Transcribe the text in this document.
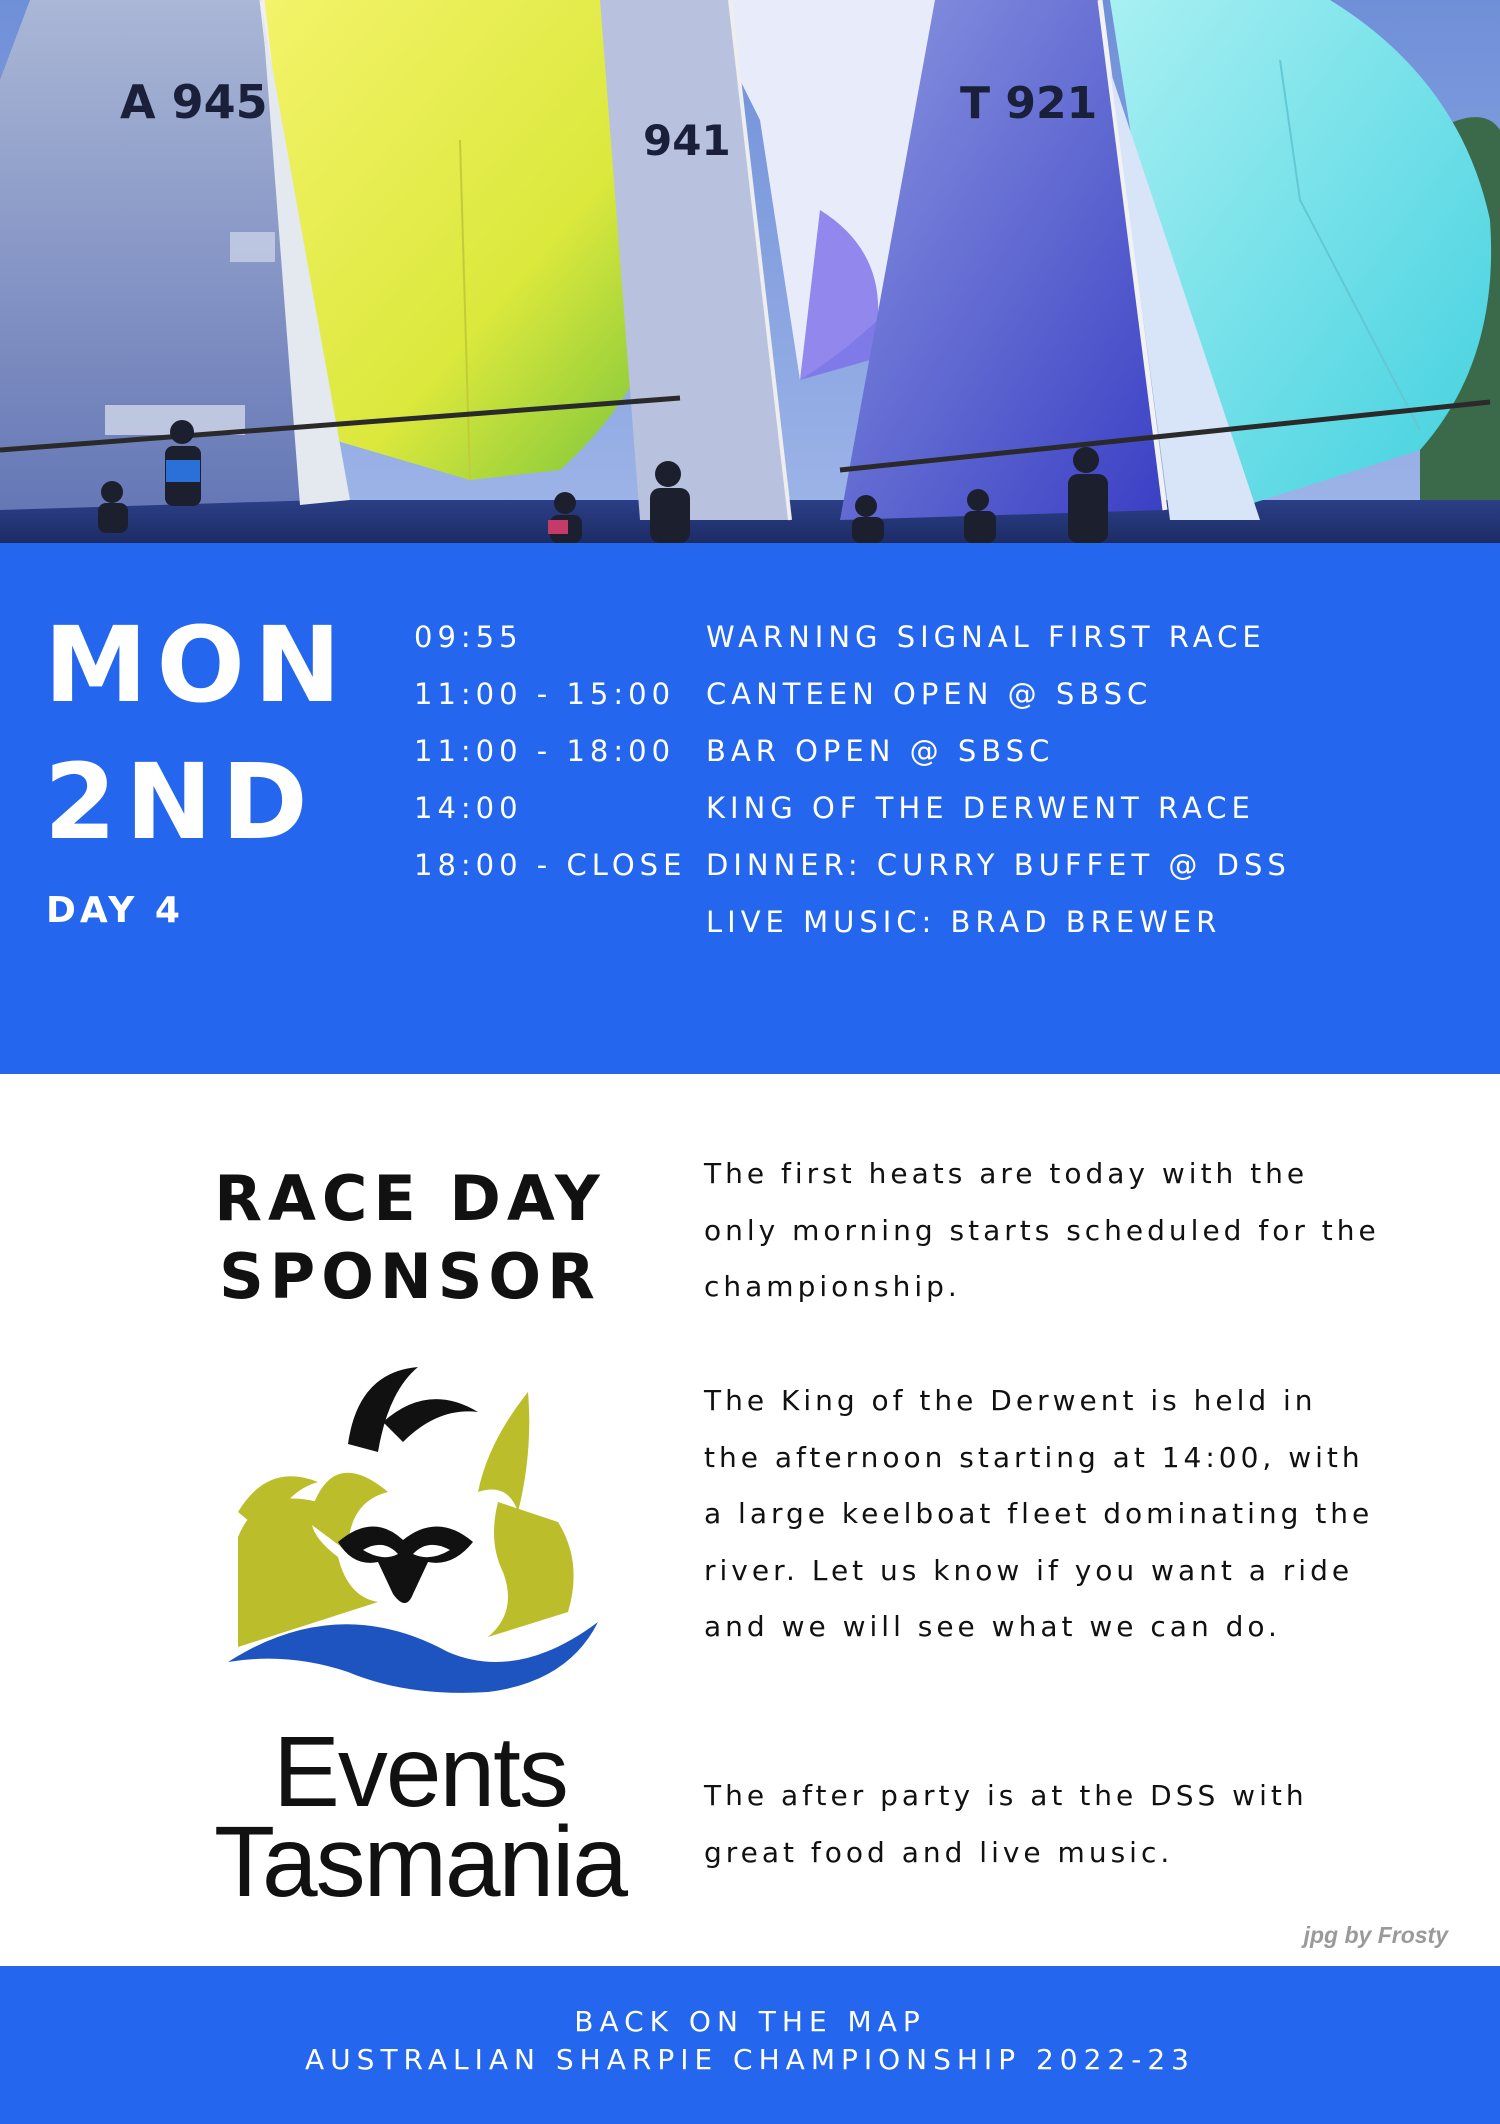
A 945
941
T 921
MON
2ND
DAY 4
09:55
11:00 - 15:00
11:00 - 18:00
14:00
18:00 - CLOSE
WARNING SIGNAL FIRST RACE
CANTEEN OPEN @ SBSC
BAR OPEN @ SBSC
KING OF THE DERWENT RACE
DINNER: CURRY BUFFET @ DSS
LIVE MUSIC: BRAD BREWER
RACE DAY
SPONSOR
Events
Tasmania

The first heats are today with the only morning starts scheduled for the championship.

The King of the Derwent is held in the afternoon starting at 14:00, with a large keelboat fleet dominating the river. Let us know if you want a ride and we will see what we can do.

The after party is at the DSS with great food and live music.

jpg by Frosty
BACK ON THE MAP
AUSTRALIAN SHARPIE CHAMPIONSHIP 2022-23
